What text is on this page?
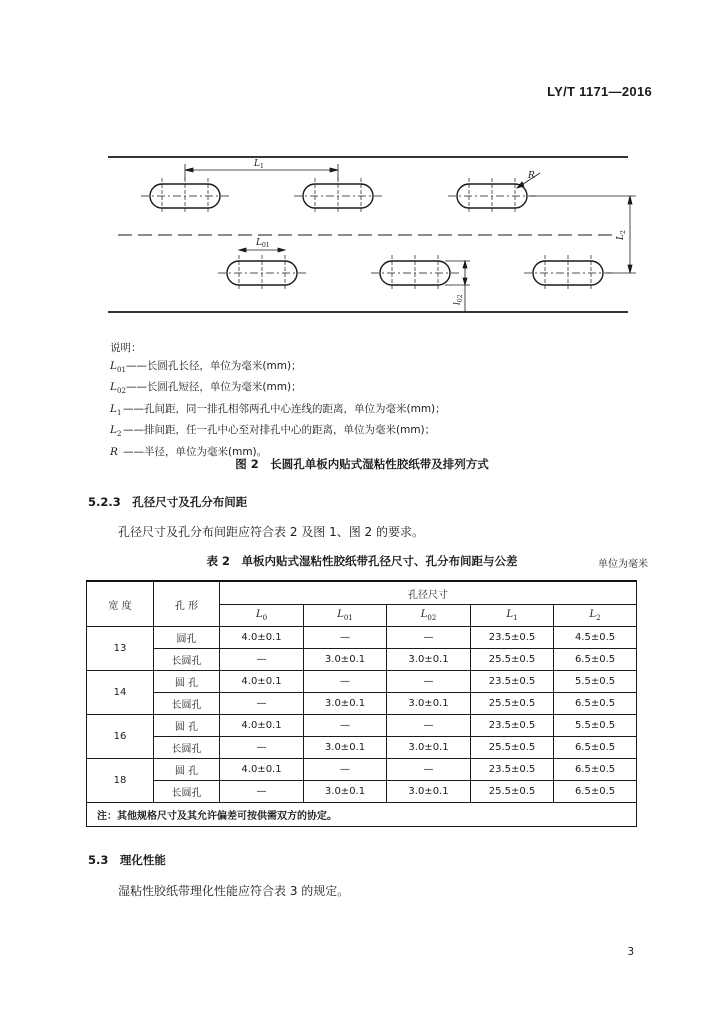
LY/T 1171—2016
$L_1$
$L_{01}$
R
$L_2$
$l_{02}$
说明：
$L_{01}——$长圆孔长径，单位为毫米(mm)；
$L_{02}——$长圆孔短径，单位为毫米(mm)；
$L_1$ ——孔间距，同一排孔相邻两孔中心连线的距离，单位为毫米(mm)；
$L_2$ ——排间距，任一孔中心至对排孔中心的距离，单位为毫米(mm)；
R ——半径，单位为毫米(mm)。
图 2　长圆孔单板内贴式湿粘性胶纸带及排列方式
5.2.3　孔径尺寸及孔分布间距
孔径尺寸及孔分布间距应符合表 2 及图 1、图 2 的要求。
表 2　单板内贴式湿粘性胶纸带孔径尺寸、孔分布间距与公差	单位为毫米
宽 度	孔 形	孔径尺寸				
		$L_0$	$L_{01}$	$L_{02}$	$L_1$	$L_2$
13	圆孔	4.0±0.1	—	—	23.5±0.5	4.5±0.5
	长圆孔	—	3.0±0.1	3.0±0.1	25.5±0.5	6.5±0.5
14	圆 孔	4.0±0.1	—	—	23.5±0.5	5.5±0.5
	长圆孔	—	3.0±0.1	3.0±0.1	25.5±0.5	6.5±0.5
16	圆 孔	4.0±0.1	—	—	23.5±0.5	5.5±0.5
	长圆孔	—	3.0±0.1	3.0±0.1	25.5±0.5	6.5±0.5
18	圆 孔	4.0±0.1	—	—	23.5±0.5	6.5±0.5
	长圆孔	—	3.0±0.1	3.0±0.1	25.5±0.5	6.5±0.5
注：其他规格尺寸及其允许偏差可按供需双方的协定。						
5.3　理化性能
湿粘性胶纸带理化性能应符合表 3 的规定。
3
